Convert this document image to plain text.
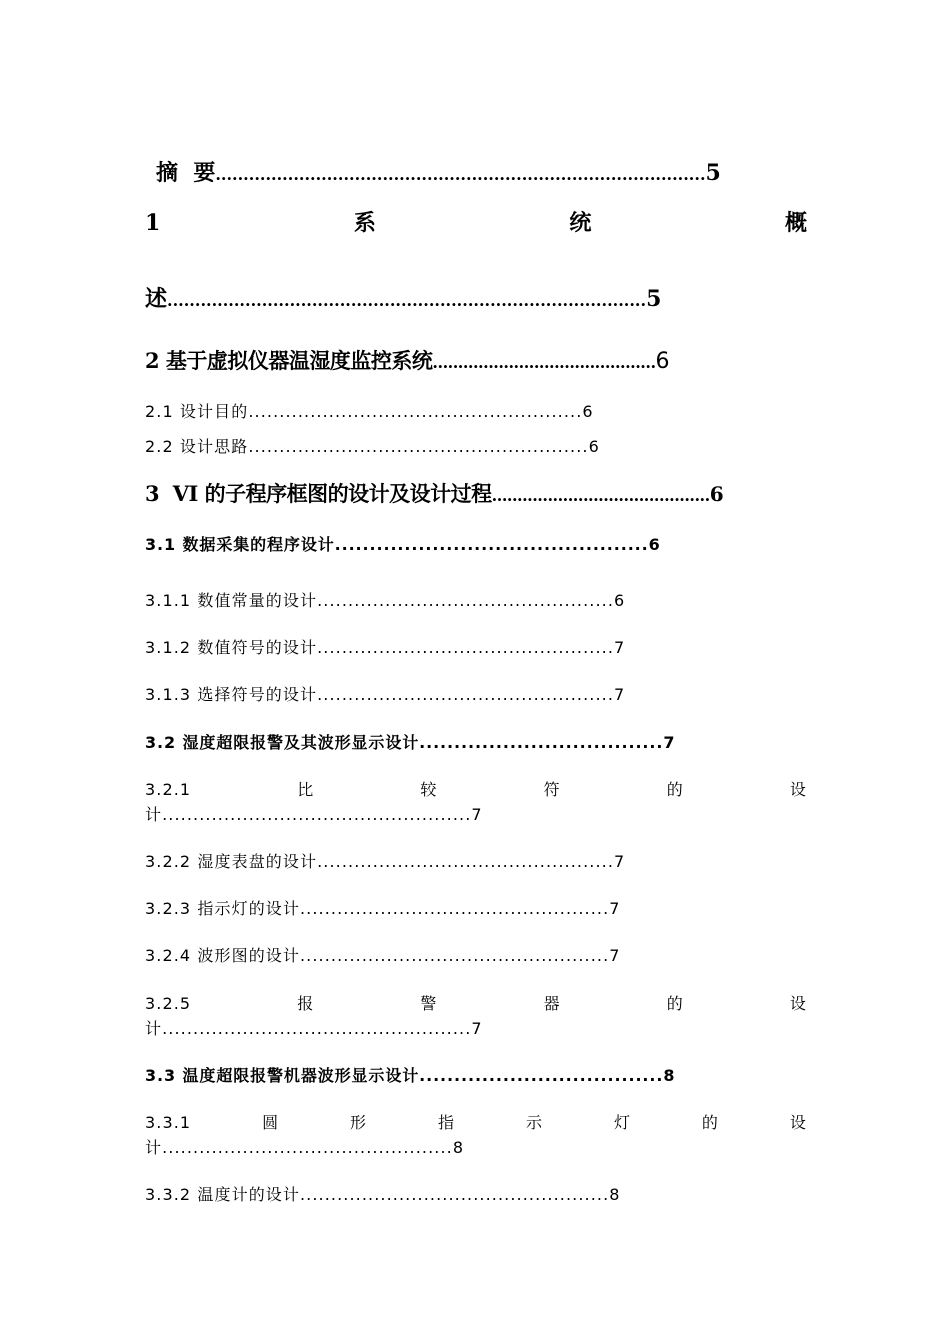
摘  要........................................................................................5
1	系	统	概
述......................................................................................5
2 基于虚拟仪器温湿度监控系统............................................6
2.1 设计目的......................................................6
2.2 设计思路.......................................................6
3  VI 的子程序框图的设计及设计过程...........................................6
3.1 数据采集的程序设计.............................................6
3.1.1 数值常量的设计................................................6
3.1.2 数值符号的设计................................................7
3.1.3 选择符号的设计................................................7
3.2 湿度超限报警及其波形显示设计...................................7
3.2.1	比	较	符	的	设
计..................................................7
3.2.2 湿度表盘的设计................................................7
3.2.3 指示灯的设计..................................................7
3.2.4 波形图的设计..................................................7
3.2.5	报	警	器	的	设
计..................................................7
3.3 温度超限报警机器波形显示设计...................................8
3.3.1	圆	形	指	示	灯	的	设
计...............................................8
3.3.2 温度计的设计..................................................8
